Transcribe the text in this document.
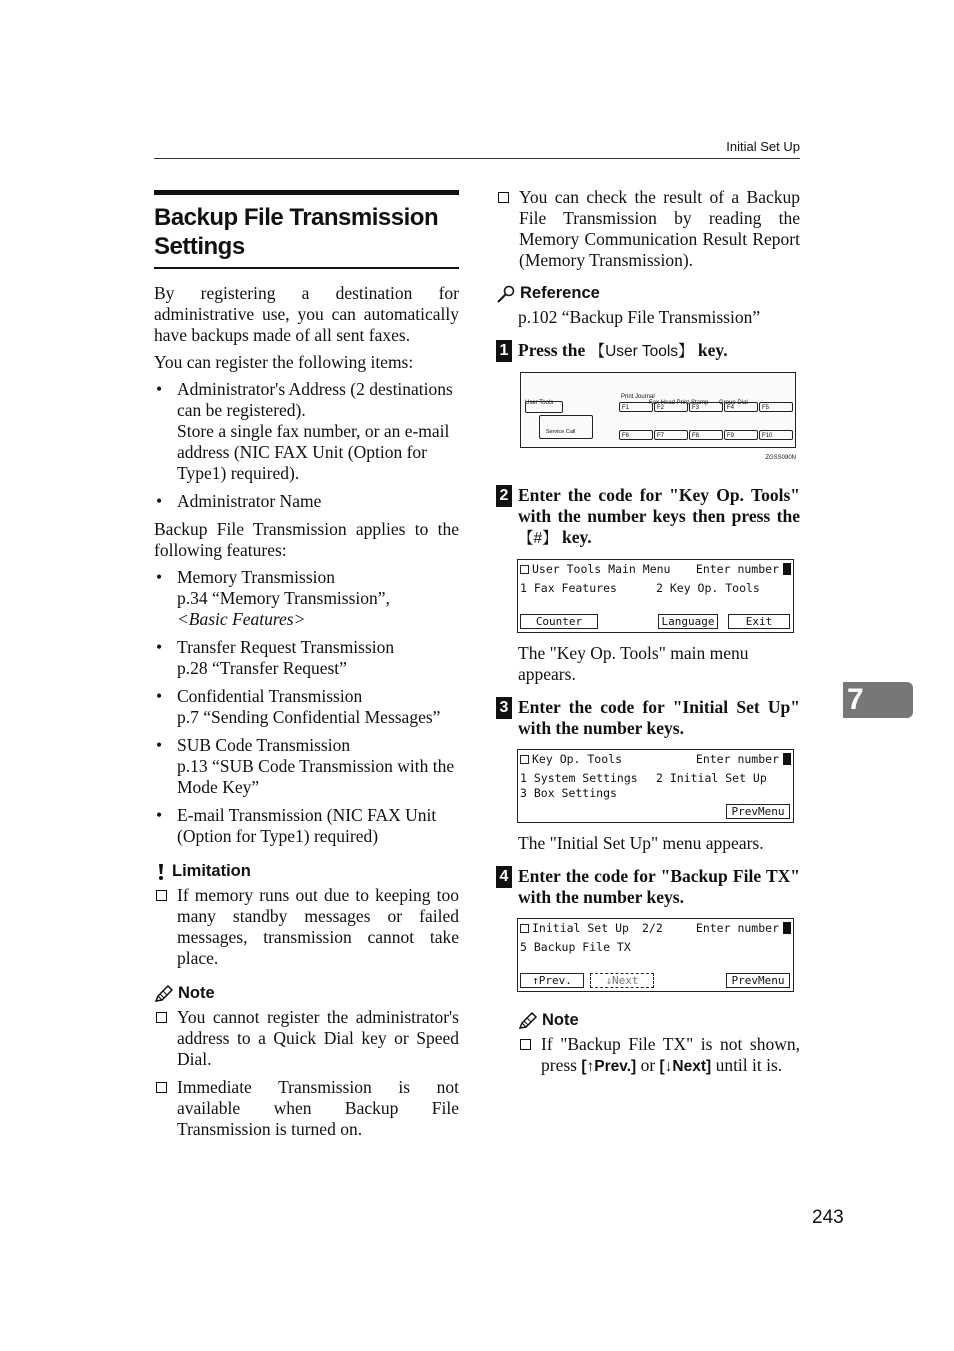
Initial Set Up
7
243
Backup File Transmission
Settings

By registering a destination for administrative use, you can automatically have backups made of all sent faxes.

You can register the following items:

• Administrator's Address (2 destinations can be registered).
Store a single fax number, or an e-mail address (NIC FAX Unit (Option for Type1) required).
• Administrator Name

Backup File Transmission applies to the following features:

• Memory Transmission
p.34 “Memory Transmission”,
<Basic Features>
• Transfer Request Transmission
p.28 “Transfer Request”
• Confidential Transmission
p.7 “Sending Confidential Messages”
• SUB Code Transmission
p.13 “SUB Code Transmission with the Mode Key”
• E-mail Transmission (NIC FAX Unit (Option for Type1) required)
Limitation
If memory runs out due to keeping too many standby messages or failed messages, transmission cannot take place.
Note
You cannot register the administrator's address to a Quick Dial key or Speed Dial.
Immediate Transmission is not available when Backup File Transmission is turned on.
You can check the result of a Backup File Transmission by reading the Memory Communication Result Report (Memory Transmission).
Reference
p.102 “Backup File Transmission”
1 Press the 【User Tools】 key.
User Tools
Service Call
Print Journal
Fax Head Print Stamp Group Dial
F1	F2	F3	F4	F5
F6	F7	F8	F9	F10
ZGSS090N
2 Enter the code for "Key Op. Tools" with the number keys then press the 【#】 key.
User Tools Main Menu Enter number
1 Fax Features	2 Key Op. Tools
Counter	Language	Exit
The "Key Op. Tools" main menu appears.
3 Enter the code for "Initial Set Up" with the number keys.
Key Op. Tools	Enter number
1 System Settings 2 Initial Set Up
3 Box Settings
PrevMenu
The "Initial Set Up" menu appears.
4 Enter the code for "Backup File TX" with the number keys.
Initial Set Up 2/2	Enter number
5 Backup File TX
↑Prev.	↓Next	PrevMenu
Note
If "Backup File TX" is not shown, press [↑Prev.] or [↓Next] until it is.
